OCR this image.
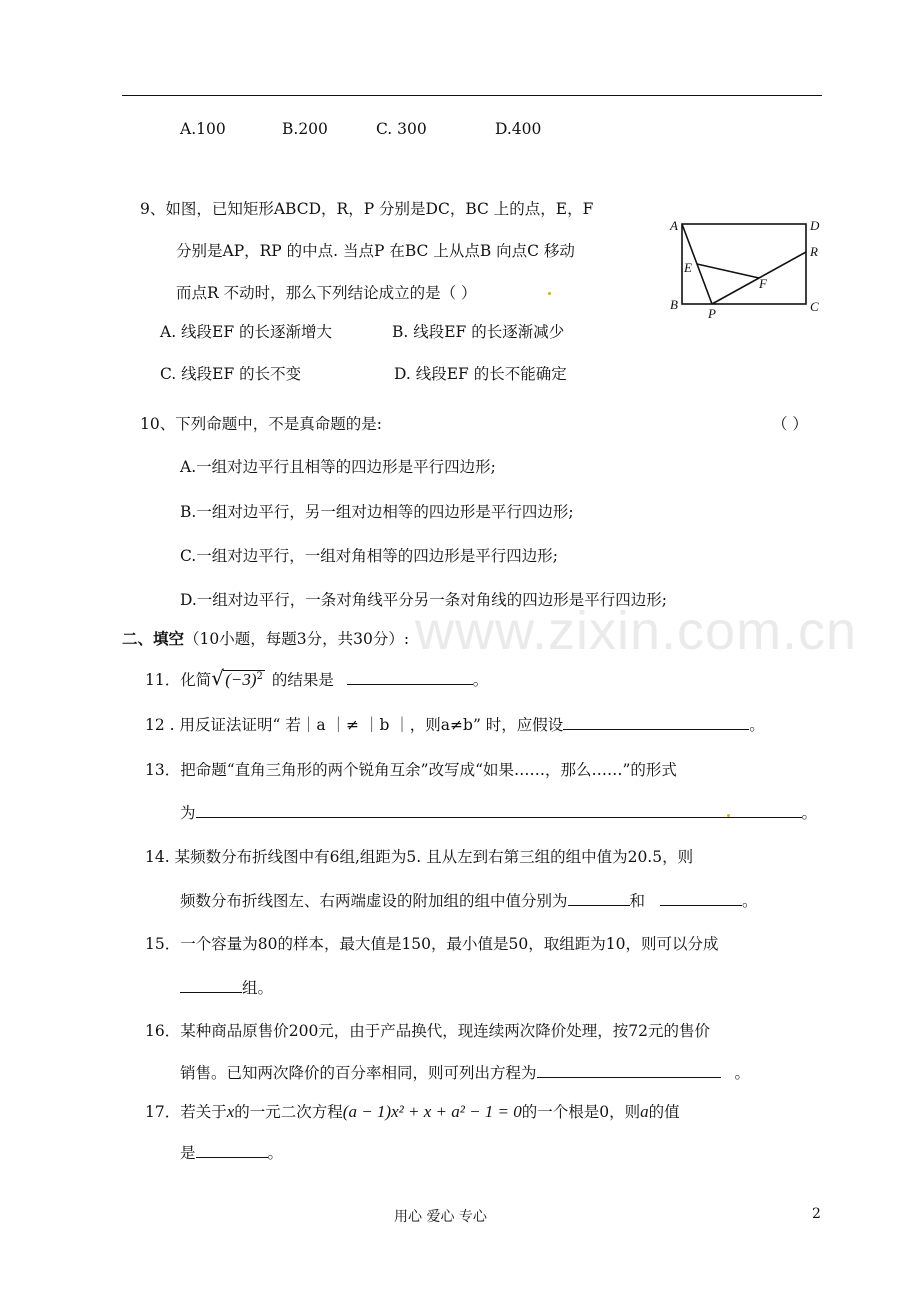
A.100	B.200	C. 300	D.400
9、如图，已知矩形ABCD，R，P 分别是DC，BC 上的点，E，F
分别是AP，RP 的中点. 当点P 在BC 上从点B 向点C 移动
而点R 不动时，那么下列结论成立的是（ ）
A. 线段EF 的长逐渐增大	B. 线段EF 的长逐渐减少
C. 线段EF 的长不变	D. 线段EF 的长不能确定
A	D
R
E
F
B	C
P
10、下列命题中，不是真命题的是:	（ ）
A.一组对边平行且相等的四边形是平行四边形;
B.一组对边平行，另一组对边相等的四边形是平行四边形;
C.一组对边平行，一组对角相等的四边形是平行四边形;
D.一组对边平行，一条对角线平分另一条对角线的四边形是平行四边形;
www.zixin.com.cn
二、填空（10小题，每题3分，共30分）:
11．化简 √ $(-3)^2$ 的结果是	。
12 . 用反证法证明“ 若｜a ｜≠ ｜b ｜，则a≠b” 时，应假设	。
13．把命题“直角三角形的两个锐角互余”改写成“如果……，那么……”的形式
为	。
14. 某频数分布折线图中有6组,组距为5. 且从左到右第三组的组中值为20.5，则
频数分布折线图左、右两端虚设的附加组的组中值分别为	和	。
15．一个容量为80的样本，最大值是150，最小值是50，取组距为10，则可以分成
组。
16．某种商品原售价200元，由于产品换代，现连续两次降价处理，按72元的售价
销售。已知两次降价的百分率相同，则可列出方程为	。
17．若关于x的一元二次方程(a − 1)x² + x + a² − 1 = 0的一个根是0，则a的值
是	。
用心 爱心 专心	2
